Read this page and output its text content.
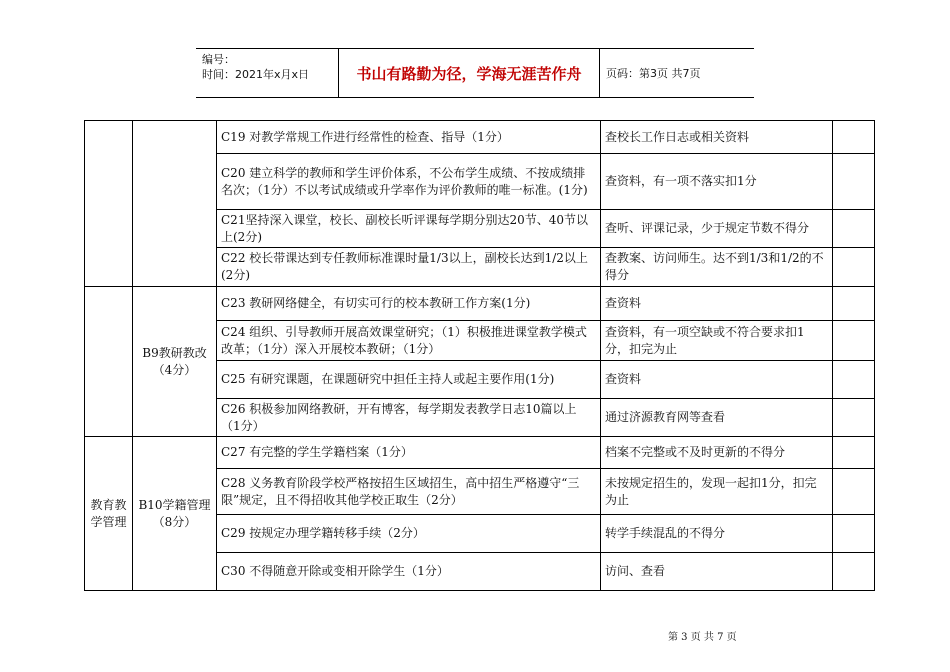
编号：
时间：2021年x月x日	书山有路勤为径，学海无涯苦作舟	页码：第3页 共7页
		C19 对教学常规工作进行经常性的检查、指导（1分）	查校长工作日志或相关资料	
		C20 建立科学的教师和学生评价体系，不公布学生成绩、不按成绩排名次；（1分）不以考试成绩或升学率作为评价教师的唯一标准。(1分)	查资料，有一项不落实扣1分	
		C21坚持深入课堂，校长、副校长听评课每学期分别达20节、40节以上(2分)	查听、评课记录，少于规定节数不得分	
		C22 校长带课达到专任教师标准课时量1/3以上，副校长达到1/2以上(2分)	查教案、访问师生。达不到1/3和1/2的不得分	
	B9教研教改（4分）	C23 教研网络健全，有切实可行的校本教研工作方案(1分)	查资料	
		C24 组织、引导教师开展高效课堂研究；（1）积极推进课堂教学模式改革；（1分）深入开展校本教研；（1分）	查资料，有一项空缺或不符合要求扣1分，扣完为止	
		C25 有研究课题，在课题研究中担任主持人或起主要作用(1分)	查资料	
		C26 积极参加网络教研，开有博客，每学期发表教学日志10篇以上（1分）	通过济源教育网等查看	
教育教学管理	B10学籍管理（8分）	C27 有完整的学生学籍档案（1分）	档案不完整或不及时更新的不得分	
		C28 义务教育阶段学校严格按招生区域招生，高中招生严格遵守“三限”规定，且不得招收其他学校正取生（2分）	未按规定招生的，发现一起扣1分，扣完为止	
		C29 按规定办理学籍转移手续（2分）	转学手续混乱的不得分	
		C30 不得随意开除或变相开除学生（1分）	访问、查看	
第 3 页 共 7 页
